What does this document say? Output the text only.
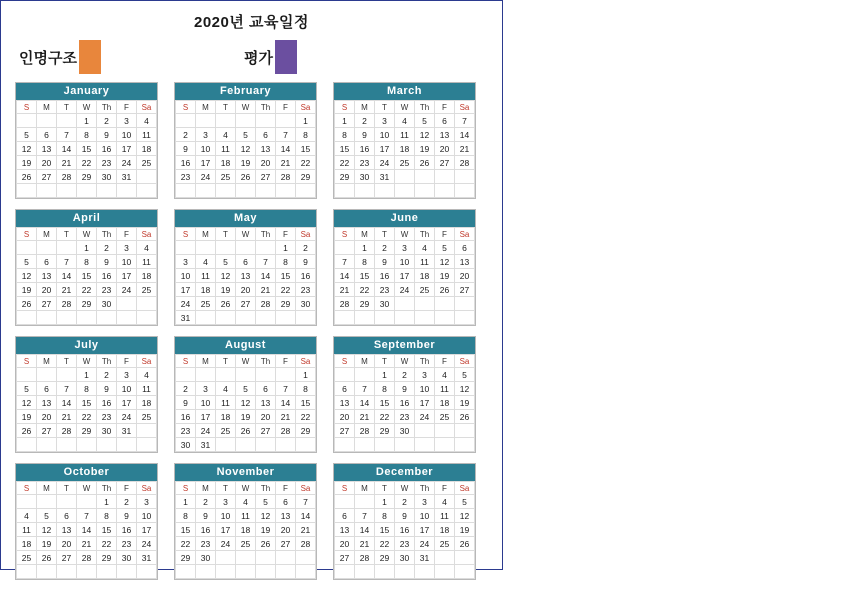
2020년 교육일정
인명구조	평가
January
S	M	T	W	Th	F	Sa
			1	2	3	4
5	6	7	8	9	10	11
12	13	14	15	16	17	18
19	20	21	22	23	24	25
26	27	28	29	30	31	

February
S	M	T	W	Th	F	Sa
						1
2	3	4	5	6	7	8
9	10	11	12	13	14	15
16	17	18	19	20	21	22
23	24	25	26	27	28	29

March
S	M	T	W	Th	F	Sa
1	2	3	4	5	6	7
8	9	10	11	12	13	14
15	16	17	18	19	20	21
22	23	24	25	26	27	28
29	30	31				

April
S	M	T	W	Th	F	Sa
			1	2	3	4
5	6	7	8	9	10	11
12	13	14	15	16	17	18
19	20	21	22	23	24	25
26	27	28	29	30		

May
S	M	T	W	Th	F	Sa
					1	2
3	4	5	6	7	8	9
10	11	12	13	14	15	16
17	18	19	20	21	22	23
24	25	26	27	28	29	30
31						
June
S	M	T	W	Th	F	Sa
	1	2	3	4	5	6
7	8	9	10	11	12	13
14	15	16	17	18	19	20
21	22	23	24	25	26	27
28	29	30				

July
S	M	T	W	Th	F	Sa
			1	2	3	4
5	6	7	8	9	10	11
12	13	14	15	16	17	18
19	20	21	22	23	24	25
26	27	28	29	30	31	

August
S	M	T	W	Th	F	Sa
						1
2	3	4	5	6	7	8
9	10	11	12	13	14	15
16	17	18	19	20	21	22
23	24	25	26	27	28	29
30	31					
September
S	M	T	W	Th	F	Sa
		1	2	3	4	5
6	7	8	9	10	11	12
13	14	15	16	17	18	19
20	21	22	23	24	25	26
27	28	29	30			

October
S	M	T	W	Th	F	Sa
				1	2	3
4	5	6	7	8	9	10
11	12	13	14	15	16	17
18	19	20	21	22	23	24
25	26	27	28	29	30	31

November
S	M	T	W	Th	F	Sa
1	2	3	4	5	6	7
8	9	10	11	12	13	14
15	16	17	18	19	20	21
22	23	24	25	26	27	28
29	30					

December
S	M	T	W	Th	F	Sa
		1	2	3	4	5
6	7	8	9	10	11	12
13	14	15	16	17	18	19
20	21	22	23	24	25	26
27	28	29	30	31		
